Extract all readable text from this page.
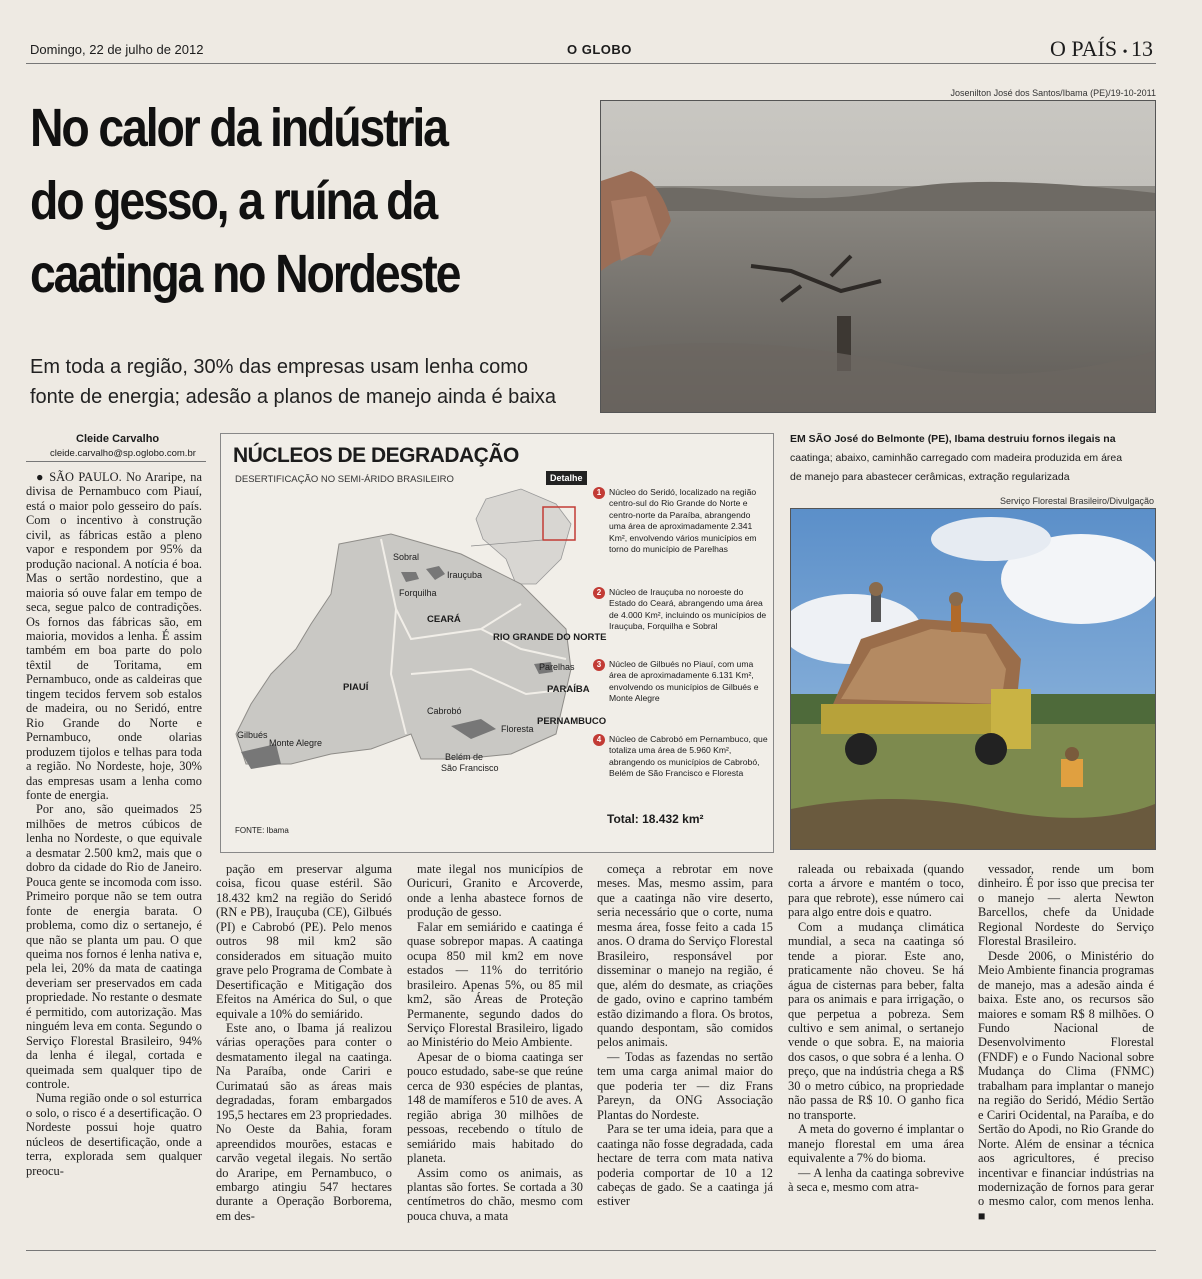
Domingo, 22 de julho de 2012	O GLOBO	O PAÍS • 13
No calor da indústria
do gesso, a ruína da
caatinga no Nordeste
Em toda a região, 30% das empresas usam lenha como
fonte de energia; adesão a planos de manejo ainda é baixa
Cleide Carvalho
cleide.carvalho@sp.oglobo.com.br
Josenilton José dos Santos/Ibama (PE)/19-10-2011
EM SÃO José do Belmonte (PE), Ibama destruiu fornos ilegais na
caatinga; abaixo, caminhão carregado com madeira produzida em área
de manejo para abastecer cerâmicas, extração regularizada
Serviço Florestal Brasileiro/Divulgação
NÚCLEOS DE DEGRADAÇÃO
DESERTIFICAÇÃO NO SEMI-ÁRIDO BRASILEIRO	Detalhe
Sobral
Irauçuba
Forquilha
CEARÁ
RIO GRANDE DO NORTE
Parelhas
PARAÍBA
PIAUÍ
Cabrobó
PERNAMBUCO
Floresta
Belém de
São Francisco
Gilbués
Monte Alegre
1 Núcleo do Seridó, localizado na região centro-sul do Rio Grande do Norte e centro-norte da Paraíba, abrangendo uma área de aproximadamente 2.341 Km², envolvendo vários municípios em torno do município de Parelhas
2 Núcleo de Irauçuba no noroeste do Estado do Ceará, abrangendo uma área de 4.000 Km², incluindo os municípios de Irauçuba, Forquilha e Sobral
3 Núcleo de Gilbués no Piauí, com uma área de aproximadamente 6.131 Km², envolvendo os municípios de Gilbués e Monte Alegre
4 Núcleo de Cabrobó em Pernambuco, que totaliza uma área de 5.960 Km², abrangendo os municípios de Cabrobó, Belém de São Francisco e Floresta
Total: 18.432 km²
FONTE: Ibama

● SÃO PAULO. No Araripe, na divisa de Pernambuco com Piauí, está o maior polo gesseiro do país. Com o incentivo à construção civil, as fábricas estão a pleno vapor e respondem por 95% da produção nacional. A notícia é boa. Mas o sertão nordestino, que a maioria só ouve falar em tempo de seca, segue palco de contradições. Os fornos das fábricas são, em maioria, movidos a lenha. É assim também em boa parte do polo têxtil de Toritama, em Pernambuco, onde as caldeiras que tingem tecidos fervem sob estalos de madeira, ou no Seridó, entre Rio Grande do Norte e Pernambuco, onde olarias produzem tijolos e telhas para toda a região. No Nordeste, hoje, 30% das empresas usam a lenha como fonte de energia.

Por ano, são queimados 25 milhões de metros cúbicos de lenha no Nordeste, o que equivale a desmatar 2.500 km2, mais que o dobro da cidade do Rio de Janeiro. Pouca gente se incomoda com isso. Primeiro porque não se tem outra fonte de energia barata. O problema, como diz o sertanejo, é que não se planta um pau. O que queima nos fornos é lenha nativa e, pela lei, 20% da mata de caatinga deveriam ser preservados em cada propriedade. No restante o desmate é permitido, com autorização. Mas ninguém leva em conta. Segundo o Serviço Florestal Brasileiro, 94% da lenha é ilegal, cortada e queimada sem qualquer tipo de controle.

Numa região onde o sol esturrica o solo, o risco é a desertificação. O Nordeste possui hoje quatro núcleos de desertificação, onde a terra, explorada sem qualquer preocu-

pação em preservar alguma coisa, ficou quase estéril. São 18.432 km2 na região do Seridó (RN e PB), Irauçuba (CE), Gilbués (PI) e Cabrobó (PE). Pelo menos outros 98 mil km2 são considerados em situação muito grave pelo Programa de Combate à Desertificação e Mitigação dos Efeitos na América do Sul, o que equivale a 10% do semiárido.

Este ano, o Ibama já realizou várias operações para conter o desmatamento ilegal na caatinga. Na Paraíba, onde Cariri e Curimataú são as áreas mais degradadas, foram embargados 195,5 hectares em 23 propriedades. No Oeste da Bahia, foram apreendidos mourões, estacas e carvão vegetal ilegais. No sertão do Araripe, em Pernambuco, o embargo atingiu 547 hectares durante a Operação Borborema, em des-

mate ilegal nos municípios de Ouricuri, Granito e Arcoverde, onde a lenha abastece fornos de produção de gesso.

Falar em semiárido e caatinga é quase sobrepor mapas. A caatinga ocupa 850 mil km2 em nove estados — 11% do território brasileiro. Apenas 5%, ou 85 mil km2, são Áreas de Proteção Permanente, segundo dados do Serviço Florestal Brasileiro, ligado ao Ministério do Meio Ambiente.

Apesar de o bioma caatinga ser pouco estudado, sabe-se que reúne cerca de 930 espécies de plantas, 148 de mamíferos e 510 de aves. A região abriga 30 milhões de pessoas, recebendo o título de semiárido mais habitado do planeta.

Assim como os animais, as plantas são fortes. Se cortada a 30 centímetros do chão, mesmo com pouca chuva, a mata

começa a rebrotar em nove meses. Mas, mesmo assim, para que a caatinga não vire deserto, seria necessário que o corte, numa mesma área, fosse feito a cada 15 anos. O drama do Serviço Florestal Brasileiro, responsável por disseminar o manejo na região, é que, além do desmate, as criações de gado, ovino e caprino também estão dizimando a flora. Os brotos, quando despontam, são comidos pelos animais.

— Todas as fazendas no sertão tem uma carga animal maior do que poderia ter — diz Frans Pareyn, da ONG Associação Plantas do Nordeste.

Para se ter uma ideia, para que a caatinga não fosse degradada, cada hectare de terra com mata nativa poderia comportar de 10 a 12 cabeças de gado. Se a caatinga já estiver

raleada ou rebaixada (quando corta a árvore e mantém o toco, para que rebrote), esse número cai para algo entre dois e quatro.

Com a mudança climática mundial, a seca na caatinga só tende a piorar. Este ano, praticamente não choveu. Se há água de cisternas para beber, falta para os animais e para irrigação, o que perpetua a pobreza. Sem cultivo e sem animal, o sertanejo vende o que sobra. E, na maioria dos casos, o que sobra é a lenha. O preço, que na indústria chega a R$ 30 o metro cúbico, na propriedade não passa de R$ 10. O ganho fica no transporte.

A meta do governo é implantar o manejo florestal em uma área equivalente a 7% do bioma.

— A lenha da caatinga sobrevive à seca e, mesmo com atra-

vessador, rende um bom dinheiro. É por isso que precisa ter o manejo — alerta Newton Barcellos, chefe da Unidade Regional Nordeste do Serviço Florestal Brasileiro.

Desde 2006, o Ministério do Meio Ambiente financia programas de manejo, mas a adesão ainda é baixa. Este ano, os recursos são maiores e somam R$ 8 milhões. O Fundo Nacional de Desenvolvimento Florestal (FNDF) e o Fundo Nacional sobre Mudança do Clima (FNMC) trabalham para implantar o manejo na região do Seridó, Médio Sertão e Cariri Ocidental, na Paraíba, e do Sertão do Apodi, no Rio Grande do Norte. Além de ensinar a técnica aos agricultores, é preciso incentivar e financiar indústrias na modernização de fornos para gerar o mesmo calor, com menos lenha. ■
